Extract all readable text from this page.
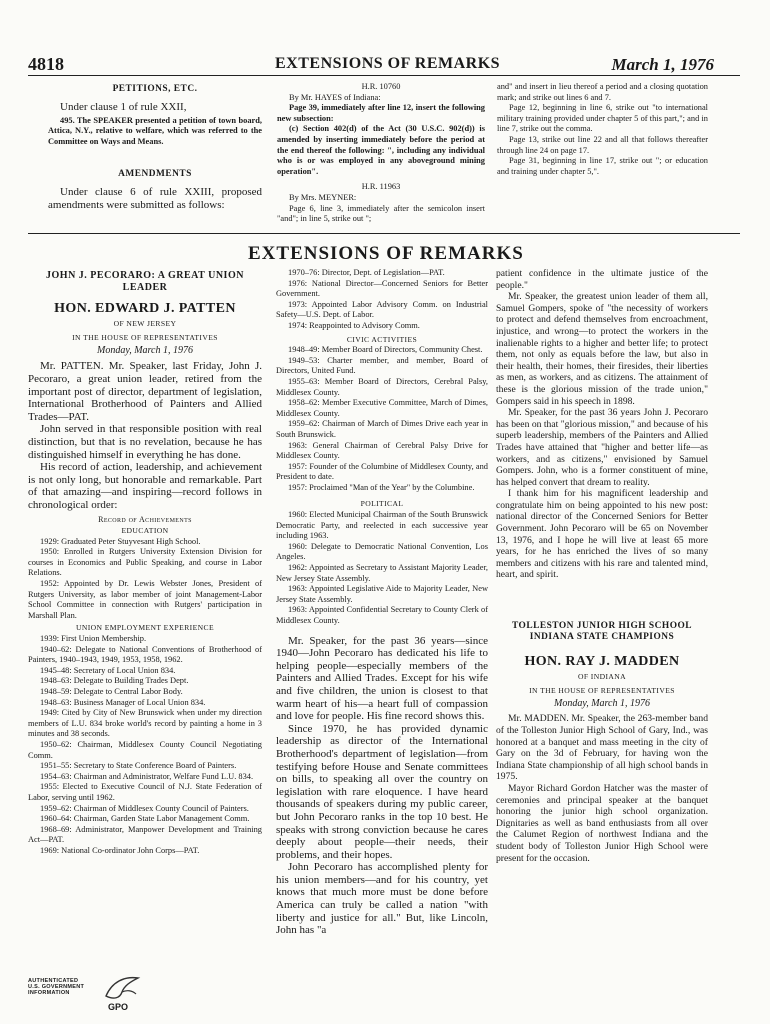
4818	EXTENSIONS OF REMARKS	March 1, 1976
PETITIONS, ETC.

Under clause 1 of rule XXII,

495. The SPEAKER presented a petition of town board, Attica, N.Y., relative to welfare, which was referred to the Committee on Ways and Means.

AMENDMENTS

Under clause 6 of rule XXIII, proposed amendments were submitted as follows:

H.R. 10760

By Mr. HAYES of Indiana:

Page 39, immediately after line 12, insert the following new subsection:

(c) Section 402(d) of the Act (30 U.S.C. 902(d)) is amended by inserting immediately before the period at the end thereof the following: ", including any individual who is or was employed in any aboveground mining operation".

H.R. 11963

By Mrs. MEYNER:

Page 6, line 3, immediately after the semicolon insert "and"; in line 5, strike out ";

and" and insert in lieu thereof a period and a closing quotation mark; and strike out lines 6 and 7.

Page 12, beginning in line 6, strike out "to international military training provided under chapter 5 of this part,"; and in line 7, strike out the comma.

Page 13, strike out line 22 and all that follows thereafter through line 24 on page 17.

Page 31, beginning in line 17, strike out "; or education and training under chapter 5,".

EXTENSIONS OF REMARKS
JOHN J. PECORARO: A GREAT UNION LEADER
HON. EDWARD J. PATTEN

OF NEW JERSEY

IN THE HOUSE OF REPRESENTATIVES

Monday, March 1, 1976

Mr. PATTEN. Mr. Speaker, last Friday, John J. Pecoraro, a great union leader, retired from the important post of director, department of legislation, International Brotherhood of Painters and Allied Trades—PAT.

John served in that responsible position with real distinction, but that is no revelation, because he has distinguished himself in everything he has done.

His record of action, leadership, and achievement is not only long, but honorable and remarkable. Part of that amazing—and inspiring—record follows in chronological order:

Record of Achievements

EDUCATION

1929: Graduated Peter Stuyvesant High School.

1950: Enrolled in Rutgers University Extension Division for courses in Economics and Public Speaking, and course in Labor Relations.

1952: Appointed by Dr. Lewis Webster Jones, President of Rutgers University, as labor member of joint Management-Labor School Committee in connection with Rutgers' participation in Marshall Plan.

UNION EMPLOYMENT EXPERIENCE

1939: First Union Membership.

1940–62: Delegate to National Conventions of Brotherhood of Painters, 1940–1943, 1949, 1953, 1958, 1962.

1945–48: Secretary of Local Union 834.

1948–63: Delegate to Building Trades Dept.

1948–59: Delegate to Central Labor Body.

1948–63: Business Manager of Local Union 834.

1949: Cited by City of New Brunswick when under my direction members of L.U. 834 broke world's record by painting a home in 3 minutes and 38 seconds.

1950–62: Chairman, Middlesex County Council Negotiating Comm.

1951–55: Secretary to State Conference Board of Painters.

1954–63: Chairman and Administrator, Welfare Fund L.U. 834.

1955: Elected to Executive Council of N.J. State Federation of Labor, serving until 1962.

1959–62: Chairman of Middlesex County Council of Painters.

1960–64: Chairman, Garden State Labor Management Comm.

1968–69: Administrator, Manpower Development and Training Act—PAT.

1969: National Co-ordinator John Corps—PAT.

1970–76: Director, Dept. of Legislation—PAT.

1976: National Director—Concerned Seniors for Better Government.

1973: Appointed Labor Advisory Comm. on Industrial Safety—U.S. Dept. of Labor.

1974: Reappointed to Advisory Comm.

CIVIC ACTIVITIES

1948–49: Member Board of Directors, Community Chest.

1949–53: Charter member, and member, Board of Directors, United Fund.

1955–63: Member Board of Directors, Cerebral Palsy, Middlesex County.

1958–62: Member Executive Committee, March of Dimes, Middlesex County.

1959–62: Chairman of March of Dimes Drive each year in South Brunswick.

1963: General Chairman of Cerebral Palsy Drive for Middlesex County.

1957: Founder of the Columbine of Middlesex County, and President to date.

1957: Proclaimed "Man of the Year" by the Columbine.

POLITICAL

1960: Elected Municipal Chairman of the South Brunswick Democratic Party, and reelected in each successive year including 1963.

1960: Delegate to Democratic National Convention, Los Angeles.

1962: Appointed as Secretary to Assistant Majority Leader, New Jersey State Assembly.

1963: Appointed Legislative Aide to Majority Leader, New Jersey State Assembly.

1963: Appointed Confidential Secretary to County Clerk of Middlesex County.

Mr. Speaker, for the past 36 years—since 1940—John Pecoraro has dedicated his life to helping people—especially members of the Painters and Allied Trades. Except for his wife and five children, the union is closest to that warm heart of his—a heart full of compassion and love for people. His fine record shows this.

Since 1970, he has provided dynamic leadership as director of the International Brotherhood's department of legislation—from testifying before House and Senate committees on bills, to speaking all over the country on legislation with rare eloquence. I have heard thousands of speakers during my public career, but John Pecoraro ranks in the top 10 best. He speaks with strong conviction because he cares deeply about people—their needs, their problems, and their hopes.

John Pecoraro has accomplished plenty for his union members—and for his country, yet knows that much more must be done before America can truly be called a nation "with liberty and justice for all." But, like Lincoln, John has "a

patient confidence in the ultimate justice of the people."

Mr. Speaker, the greatest union leader of them all, Samuel Gompers, spoke of "the necessity of workers to protect and defend themselves from encroachment, injustice, and wrong—to protect the workers in the inalienable rights to a higher and better life; to protect them, not only as equals before the law, but also in their health, their homes, their firesides, their liberties as men, as workers, and as citizens. The attainment of these is the glorious mission of the trade union," Gompers said in his speech in 1898.

Mr. Speaker, for the past 36 years John J. Pecoraro has been on that "glorious mission," and because of his superb leadership, members of the Painters and Allied Trades have attained that "higher and better life—as workers, and as citizens," envisioned by Samuel Gompers. John, who is a former constituent of mine, has helped convert that dream to reality.

I thank him for his magnificent leadership and congratulate him on being appointed to his new post: national director of the Concerned Seniors for Better Government. John Pecoraro will be 65 on November 13, 1976, and I hope he will live at least 65 more years, for he has enriched the lives of so many members and citizens with his rare and talented mind, heart, and spirit.

TOLLESTON JUNIOR HIGH SCHOOL INDIANA STATE CHAMPIONS
HON. RAY J. MADDEN

OF INDIANA

IN THE HOUSE OF REPRESENTATIVES

Monday, March 1, 1976

Mr. MADDEN. Mr. Speaker, the 263-member band of the Tolleston Junior High School of Gary, Ind., was honored at a banquet and mass meeting in the city of Gary on the 3d of February, for having won the Indiana State championship of all high school bands in 1975.

Mayor Richard Gordon Hatcher was the master of ceremonies and principal speaker at the banquet honoring the junior high school organization. Dignitaries as well as band enthusiasts from all over the Calumet Region of northwest Indiana and the student body of Tolleston Junior High School were present for the occasion.

AUTHENTICATED
U.S. GOVERNMENT
INFORMATION
GPO
